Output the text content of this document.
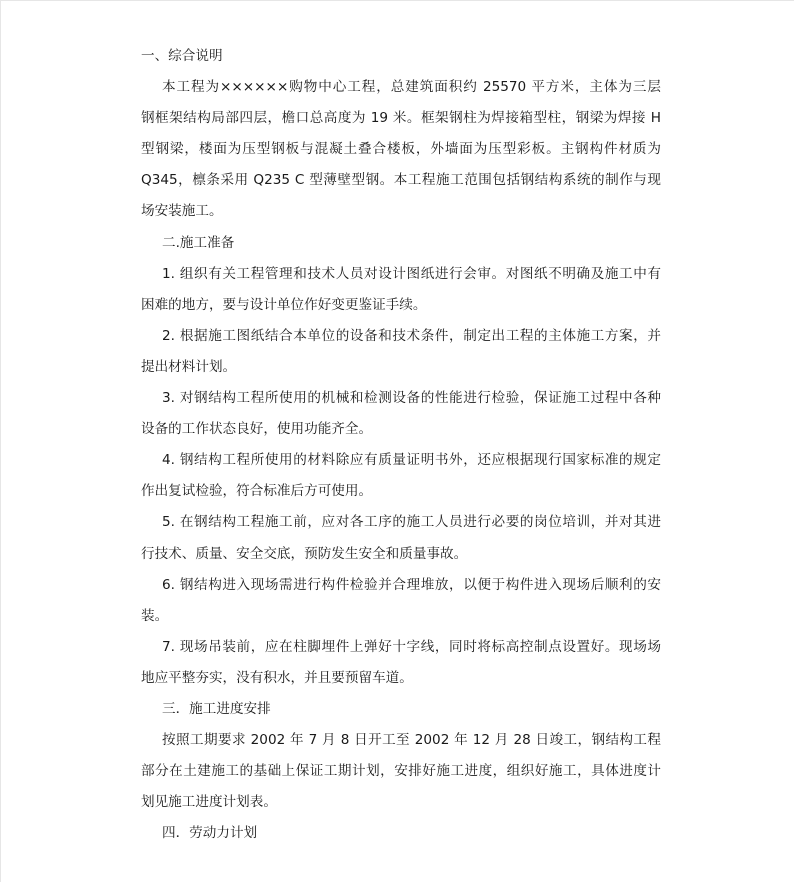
一、综合说明
本工程为××××××购物中心工程，总建筑面积约 25570 平方米，主体为三层
钢框架结构局部四层，檐口总高度为 19 米。框架钢柱为焊接箱型柱，钢梁为焊接 H
型钢梁，楼面为压型钢板与混凝土叠合楼板，外墙面为压型彩板。主钢构件材质为
Q345，檩条采用 Q235 C 型薄壁型钢。本工程施工范围包括钢结构系统的制作与现
场安装施工。
二.施工准备
1. 组织有关工程管理和技术人员对设计图纸进行会审。对图纸不明确及施工中有
困难的地方，要与设计单位作好变更鉴证手续。
2. 根据施工图纸结合本单位的设备和技术条件，制定出工程的主体施工方案，并
提出材料计划。
3. 对钢结构工程所使用的机械和检测设备的性能进行检验，保证施工过程中各种
设备的工作状态良好，使用功能齐全。
4. 钢结构工程所使用的材料除应有质量证明书外，还应根据现行国家标准的规定
作出复试检验，符合标准后方可使用。
5. 在钢结构工程施工前，应对各工序的施工人员进行必要的岗位培训，并对其进
行技术、质量、安全交底，预防发生安全和质量事故。
6. 钢结构进入现场需进行构件检验并合理堆放，以便于构件进入现场后顺利的安
装。
7. 现场吊装前，应在柱脚埋件上弹好十字线，同时将标高控制点设置好。现场场
地应平整夯实，没有积水，并且要预留车道。
三．施工进度安排
按照工期要求 2002 年 7 月 8 日开工至 2002 年 12 月 28 日竣工，钢结构工程
部分在土建施工的基础上保证工期计划，安排好施工进度，组织好施工，具体进度计
划见施工进度计划表。
四．劳动力计划
